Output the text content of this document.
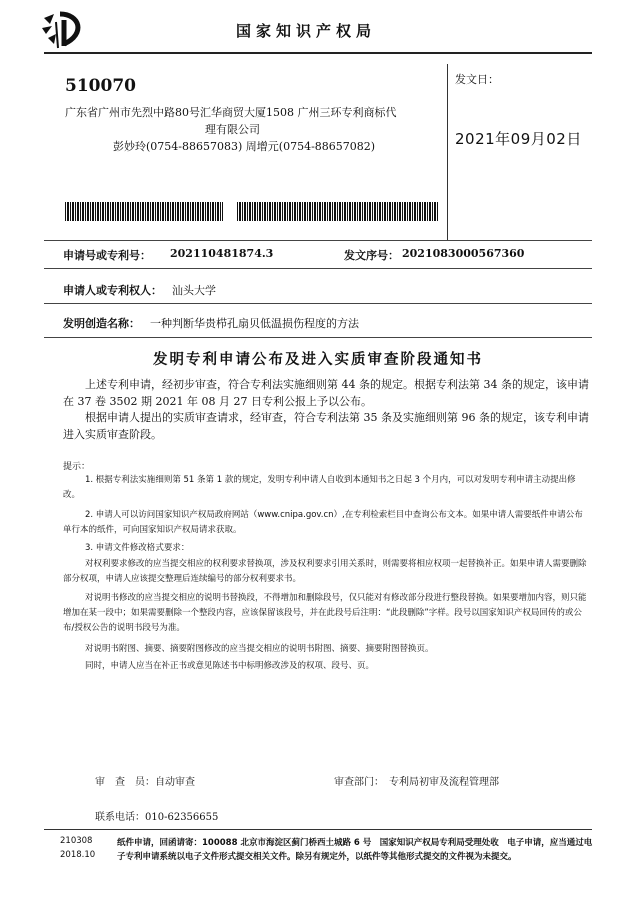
国家知识产权局
510070
广东省广州市先烈中路80号汇华商贸大厦1508 广州三环专利商标代
理有限公司
彭妙玲(0754-88657083) 周增元(0754-88657082)
发文日：
2021年09月02日
申请号或专利号： 202110481874.3	发文序号： 2021083000567360
申请人或专利权人： 汕头大学
发明创造名称： 一种判断华贵栉孔扇贝低温损伤程度的方法
发明专利申请公布及进入实质审查阶段通知书
上述专利申请，经初步审查，符合专利法实施细则第 44 条的规定。根据专利法第 34 条的规定，该申请在 37 卷 3502 期 2021 年 08 月 27 日专利公报上予以公布。
根据申请人提出的实质审查请求，经审查，符合专利法第 35 条及实施细则第 96 条的规定，该专利申请进入实质审查阶段。
提示：
1. 根据专利法实施细则第 51 条第 1 款的规定，发明专利申请人自收到本通知书之日起 3 个月内，可以对发明专利申请主动提出修改。
2. 申请人可以访问国家知识产权局政府网站（www.cnipa.gov.cn）,在专利检索栏目中查询公布文本。如果申请人需要纸件申请公布单行本的纸件，可向国家知识产权局请求获取。
3. 申请文件修改格式要求：
对权利要求修改的应当提交相应的权利要求替换项，涉及权利要求引用关系时，则需要将相应权项一起替换补正。如果申请人需要删除部分权项，申请人应该提交整理后连续编号的部分权利要求书。
对说明书修改的应当提交相应的说明书替换段，不得增加和删除段号，仅只能对有修改部分段进行整段替换。如果要增加内容，则只能增加在某一段中；如果需要删除一个整段内容，应该保留该段号，并在此段号后注明：“此段删除”字样。段号以国家知识产权局回传的或公布/授权公告的说明书段号为准。
对说明书附图、摘要、摘要附图修改的应当提交相应的说明书附图、摘要、摘要附图替换页。
同时，申请人应当在补正书或意见陈述书中标明修改涉及的权项、段号、页。
审　查　员：自动审查	审查部门：　专利局初审及流程管理部
联系电话：010-62356655
210308
2018.10
纸件申请，回函请寄：100088 北京市海淀区蓟门桥西土城路 6 号　国家知识产权局专利局受理处收　电子申请，应当通过电子专利申请系统以电子文件形式提交相关文件。除另有规定外，以纸件等其他形式提交的文件视为未提交。
